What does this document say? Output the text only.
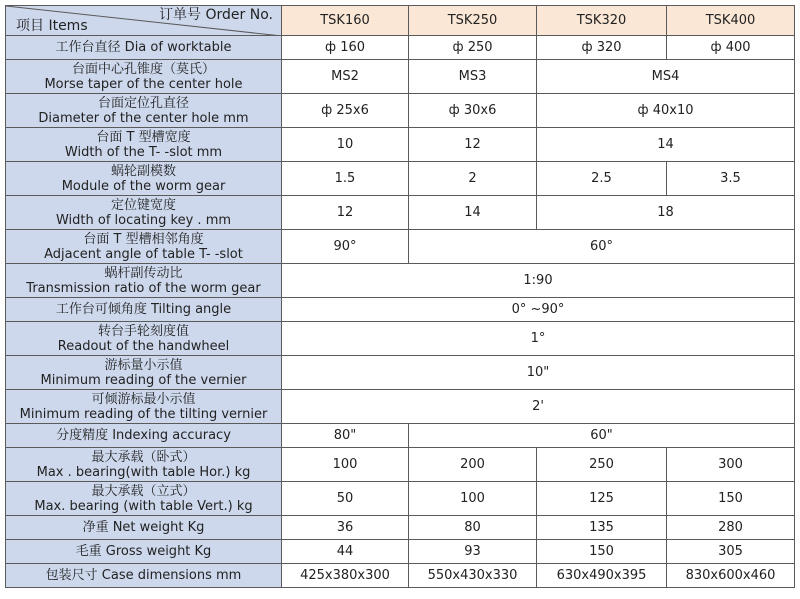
订单号 Order No.
项目 Items	TSK160	TSK250	TSK320	TSK400
工作台直径 Dia of worktable	ф 160	ф 250	ф 320	ф 400

台面中心孔锥度（莫氏）
Morse taper of the center hole	MS2	MS3	MS4	

台面定位孔直径
Diameter of the center hole mm	ф 25x6	ф 30x6	ф 40x10	

台面 T 型槽宽度
Width of the T- -slot mm	10	12	14	

蜗轮副模数
Module of the worm gear	1.5	2	2.5	3.5

定位键宽度
Width of locating key . mm	12	14	18	

台面 T 型槽相邻角度
Adjacent angle of table T- -slot	90°	60°		

蜗杆副传动比
Transmission ratio of the worm gear	1:90			
工作台可倾角度 Tilting angle	0° ~90°			

转台手轮刻度值
Readout of the handwheel	1°			

游标量小示值
Minimum reading of the vernier	10"			

可倾游标最小示值
Minimum reading of the tilting vernier	2'			
分度精度 Indexing accuracy	80"	60"		

最大承载（卧式）
Max . bearing(with table Hor.) kg	100	200	250	300

最大承载（立式）
Max. bearing (with table Vert.) kg	50	100	125	150
净重 Net weight Kg	36	80	135	280
毛重 Gross weight Kg	44	93	150	305
包装尺寸 Case dimensions mm	425x380x300	550x430x330	630x490x395	830x600x460
